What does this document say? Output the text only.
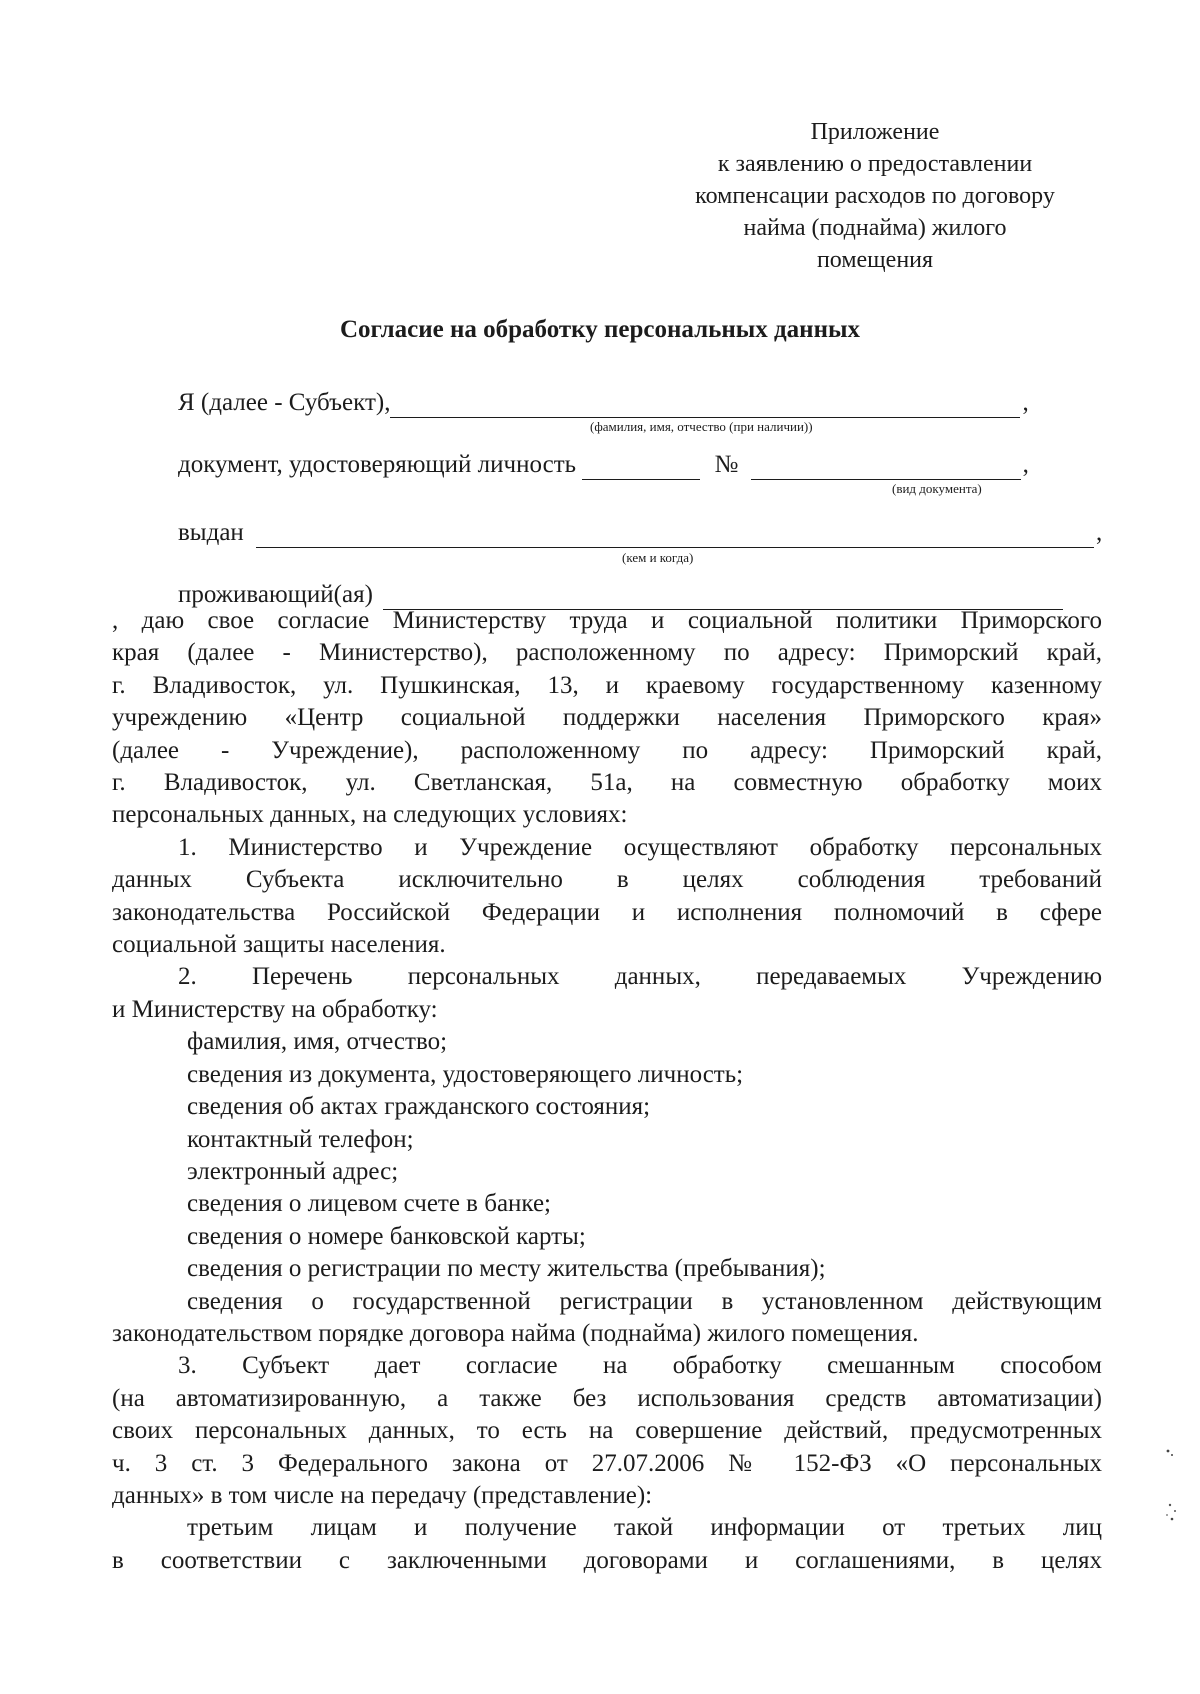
Приложение
к заявлению о предоставлении
компенсации расходов по договору
найма (поднайма) жилого
помещения
Согласие на обработку персональных данных
Я (далее - Субъект),	,
(фамилия, имя, отчество (при наличии))
документ, удостоверяющий личность	№	,
(вид документа)
выдан	,
(кем и когда)
проживающий(ая)

, даю свое согласие Министерству труда и социальной политики Приморского

края (далее - Министерство), расположенному по адресу: Приморский край,

г. Владивосток, ул. Пушкинская, 13, и краевому государственному казенному

учреждению «Центр социальной поддержки населения Приморского края»

(далее - Учреждение), расположенному по адресу: Приморский край,

г. Владивосток, ул. Светланская, 51а, на совместную обработку моих

персональных данных, на следующих условиях:

1. Министерство и Учреждение осуществляют обработку персональных

данных Субъекта исключительно в целях соблюдения требований

законодательства Российской Федерации и исполнения полномочий в сфере

социальной защиты населения.

2. Перечень персональных данных, передаваемых Учреждению

и Министерству на обработку:

фамилия, имя, отчество;

сведения из документа, удостоверяющего личность;

сведения об актах гражданского состояния;

контактный телефон;

электронный адрес;

сведения о лицевом счете в банке;

сведения о номере банковской карты;

сведения о регистрации по месту жительства (пребывания);

сведения о государственной регистрации в установленном действующим

законодательством порядке договора найма (поднайма) жилого помещения.

3. Субъект дает согласие на обработку смешанным способом

(на автоматизированную, а также без использования средств автоматизации)

своих персональных данных, то есть на совершение действий, предусмотренных

ч. 3 ст. 3 Федерального закона от 27.07.2006 № 152-ФЗ «О персональных

данных» в том числе на передачу (представление):

третьим лицам и получение такой информации от третьих лиц

в соответствии с заключенными договорами и соглашениями, в целях
